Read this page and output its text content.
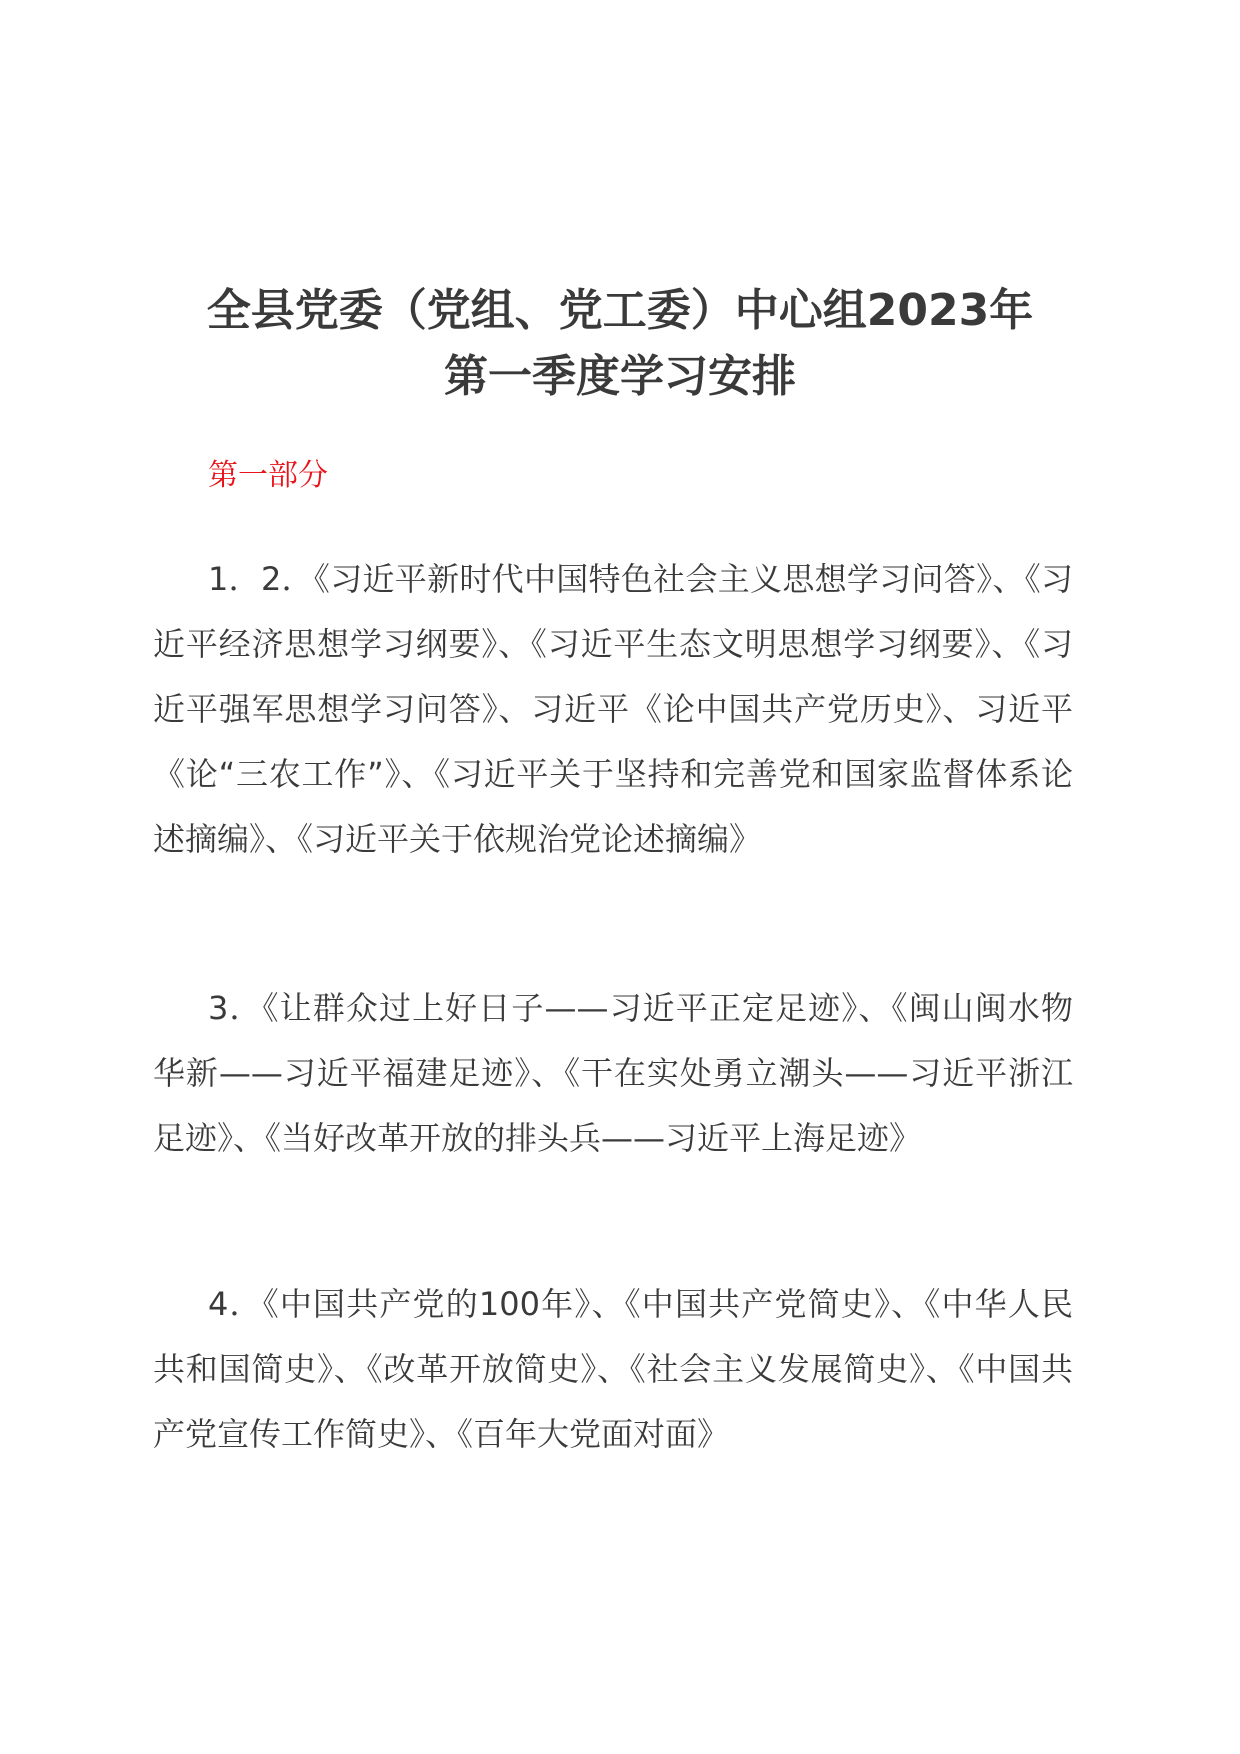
全县党委（党组、党工委）中心组2023年
第一季度学习安排

第一部分

1．2．《习近平新时代中国特色社会主义思想学习问答》、《习近平经济思想学习纲要》、《习近平生态文明思想学习纲要》、《习近平强军思想学习问答》、习近平《论中国共产党历史》、习近平《论“三农工作”》、《习近平关于坚持和完善党和国家监督体系论述摘编》、《习近平关于依规治党论述摘编》

3．《让群众过上好日子——习近平正定足迹》、《闽山闽水物华新——习近平福建足迹》、《干在实处勇立潮头——习近平浙江足迹》、《当好改革开放的排头兵——习近平上海足迹》

4．《中国共产党的100年》、《中国共产党简史》、《中华人民共和国简史》、《改革开放简史》、《社会主义发展简史》、《中国共产党宣传工作简史》、《百年大党面对面》
